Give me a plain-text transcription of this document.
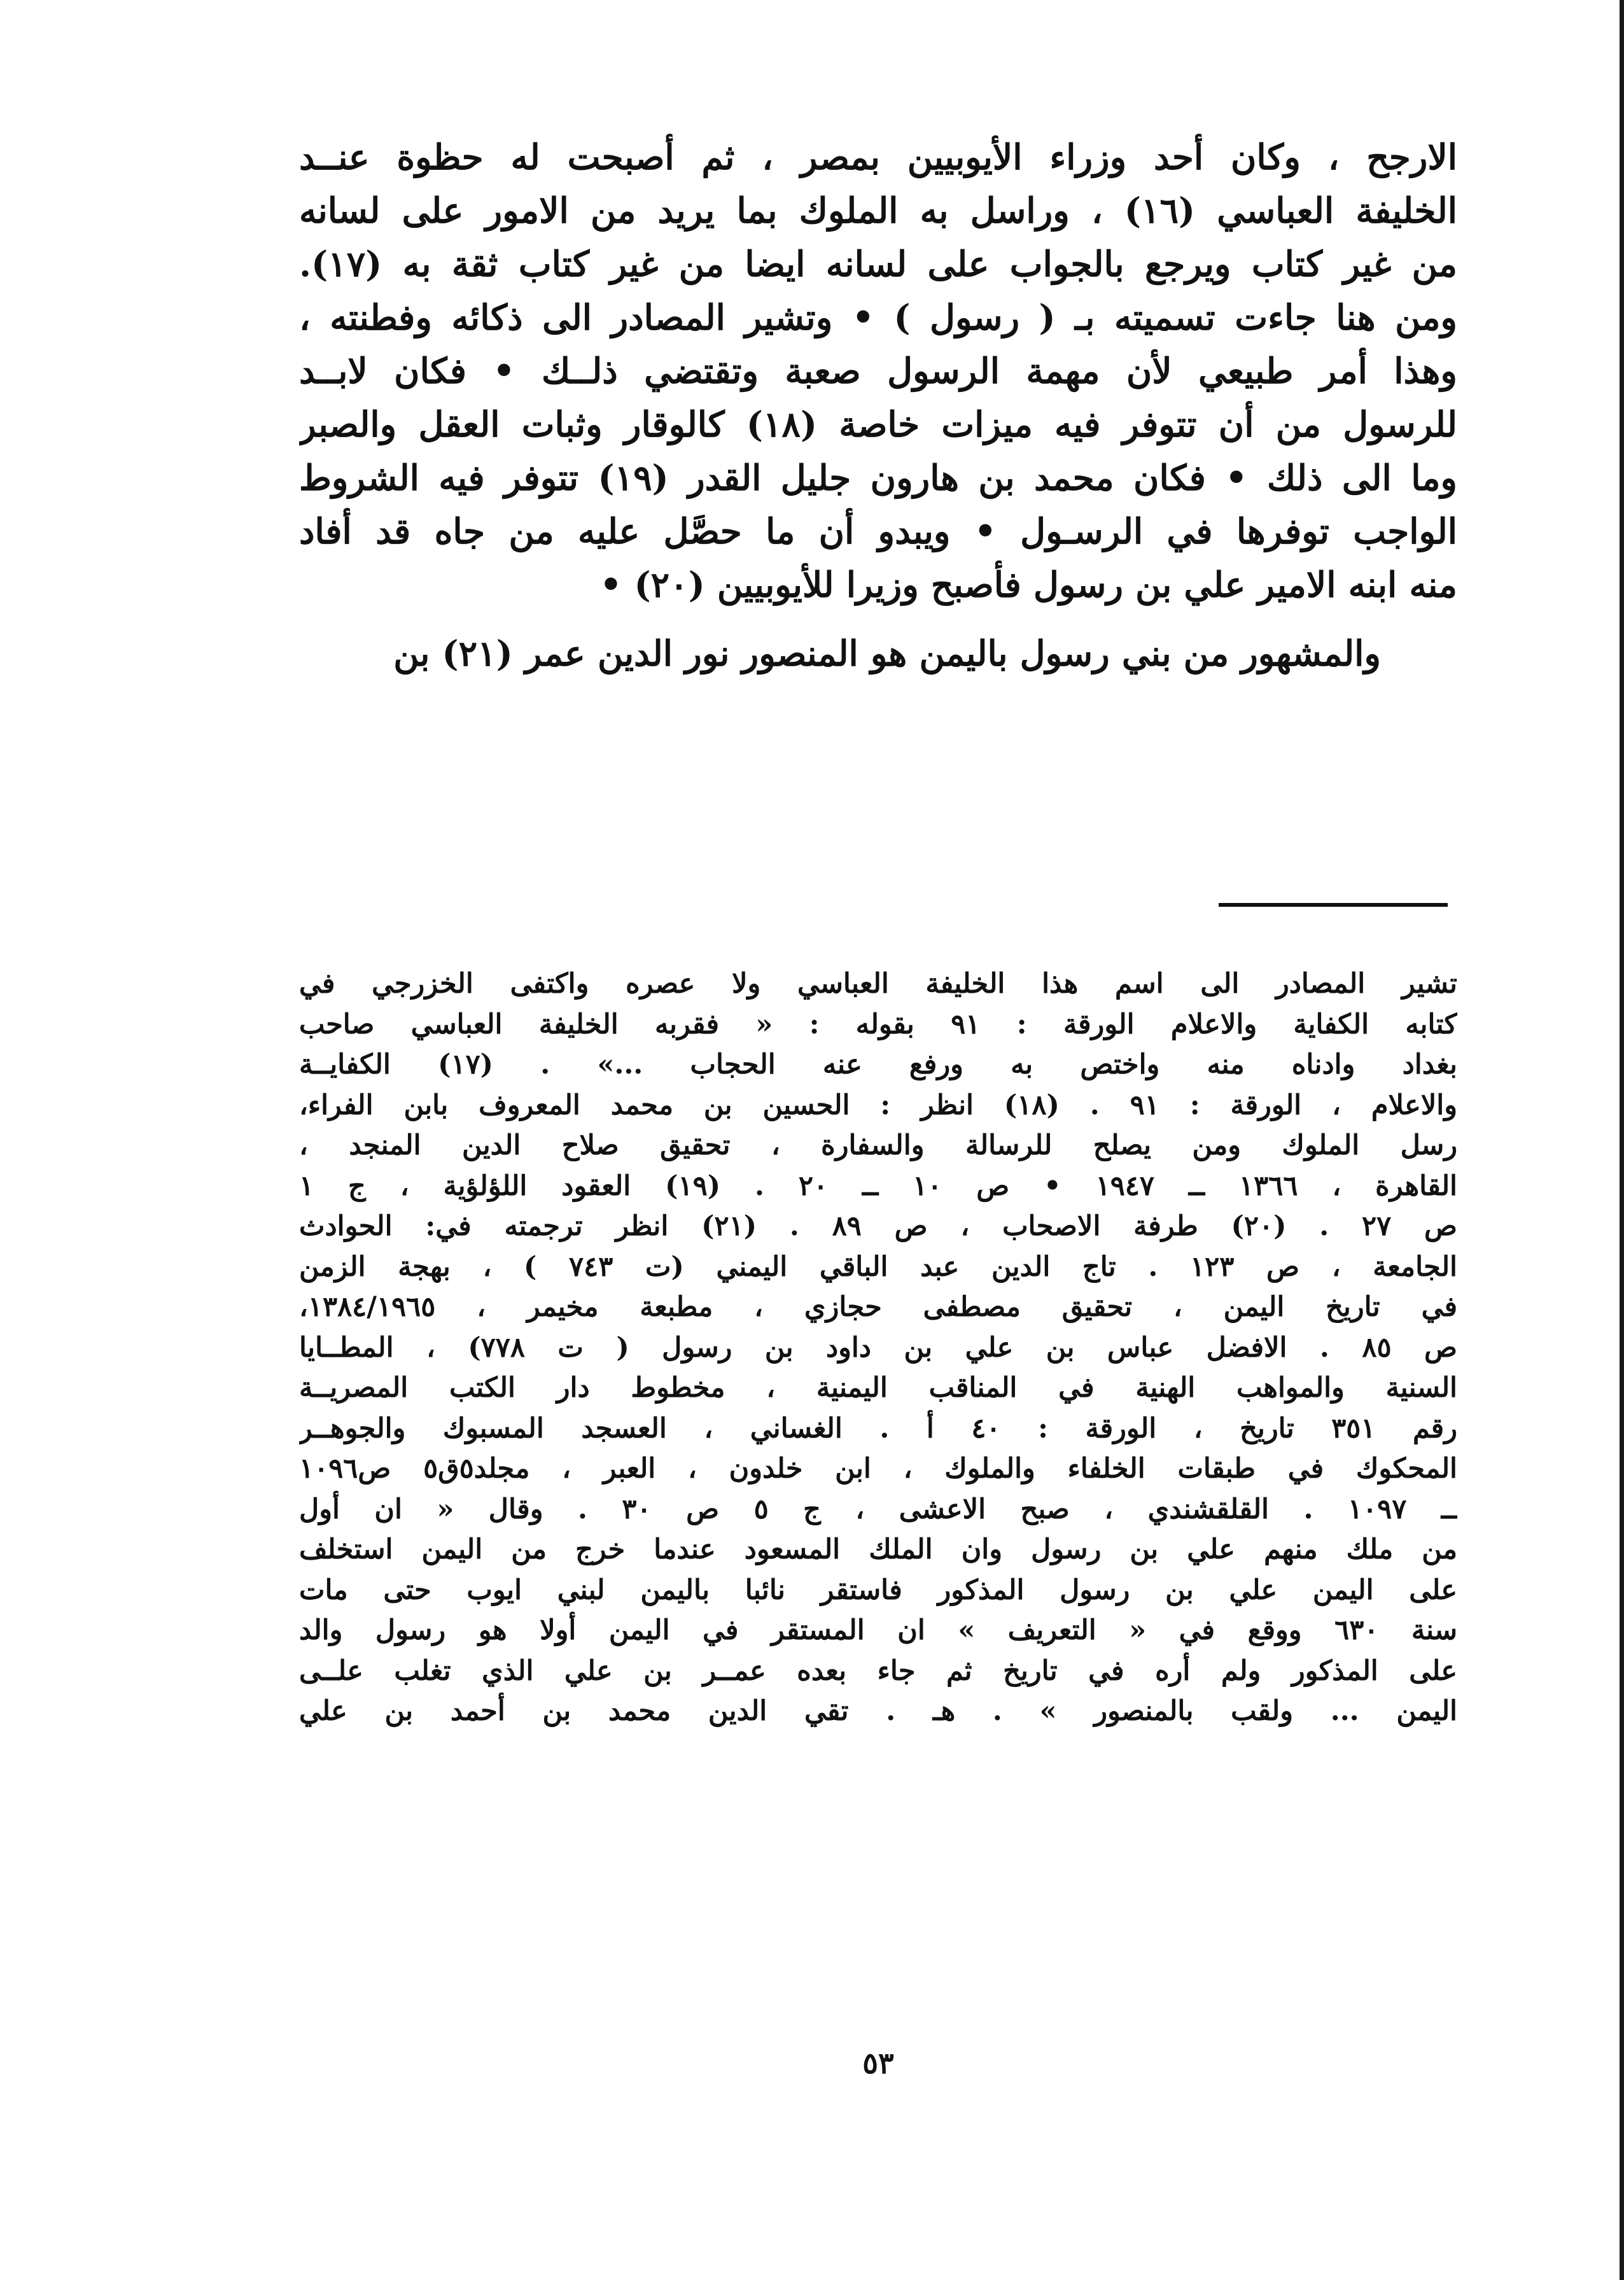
الارجح ، وكان أحد وزراء الأيوبيين بمصر ، ثم أصبحت له حظوة عنــد
الخليفة العباسي (١٦) ، وراسل به الملوك بما يريد من الامور على لسانه
من غير كتاب ويرجع بالجواب على لسانه ايضا من غير كتاب ثقة به (١٧).
ومن هنا جاءت تسميته بـ ( رسول ) • وتشير المصادر الى ذكائه وفطنته ،
وهذا أمر طبيعي لأن مهمة الرسول صعبة وتقتضي ذلــك • فكان لابــد
للرسول من أن تتوفر فيه ميزات خاصة (١٨) كالوقار وثبات العقل والصبر
وما الى ذلك • فكان محمد بن هارون جليل القدر (١٩) تتوفر فيه الشروط
الواجب توفرها في الرسـول • ويبدو أن ما حصَّل عليه من جاه قد أفاد
منه ابنه الامير علي بن رسول فأصبح وزيرا للأيوبيين (٢٠) •

والمشهور من بني رسول باليمن هو المنصور نور الدين عمر (٢١) بن

تشير المصادر الى اسم هذا الخليفة العباسي ولا عصره واكتفى الخزرجي في
كتابه الكفاية والاعلام الورقة : ٩١ بقوله : « فقربه الخليفة العباسي صاحب
بغداد وادناه منه واختص به ورفع عنه الحجاب ...» . (١٧) الكفايــة
والاعلام ، الورقة : ٩١ . (١٨) انظر : الحسين بن محمد المعروف بابن الفراء،
رسل الملوك ومن يصلح للرسالة والسفارة ، تحقيق صلاح الدين المنجد ،
القاهرة ، ١٣٦٦ ــ ١٩٤٧ • ص ١٠ ــ ٢٠ . (١٩) العقود اللؤلؤية ، ج ١
ص ٢٧ . (٢٠) طرفة الاصحاب ، ص ٨٩ . (٢١) انظر ترجمته في: الحوادث
الجامعة ، ص ١٢٣ . تاج الدين عبد الباقي اليمني (ت ٧٤٣ ) ، بهجة الزمن
في تاريخ اليمن ، تحقيق مصطفى حجازي ، مطبعة مخيمر ، ١٣٨٤/١٩٦٥،
ص ٨٥ . الافضل عباس بن علي بن داود بن رسول ( ت ٧٧٨) ، المطــايا
السنية والمواهب الهنية في المناقب اليمنية ، مخطوط دار الكتب المصريــة
رقم ٣٥١ تاريخ ، الورقة : ٤٠ أ . الغساني ، العسجد المسبوك والجوهــر
المحكوك في طبقات الخلفاء والملوك ، ابن خلدون ، العبر ، مجلد٥ق٥ ص١٠٩٦
ــ ١٠٩٧ . القلقشندي ، صبح الاعشى ، ج ٥ ص ٣٠ . وقال « ان أول
من ملك منهم علي بن رسول وان الملك المسعود عندما خرج من اليمن استخلف
على اليمن علي بن رسول المذكور فاستقر نائبا باليمن لبني ايوب حتى مات
سنة ٦٣٠ ووقع في « التعريف » ان المستقر في اليمن أولا هو رسول والد
على المذكور ولم أره في تاريخ ثم جاء بعده عمــر بن علي الذي تغلب علــى
اليمن ... ولقب بالمنصور » . هـ . تقي الدين محمد بن أحمد بن علي
٥٣
